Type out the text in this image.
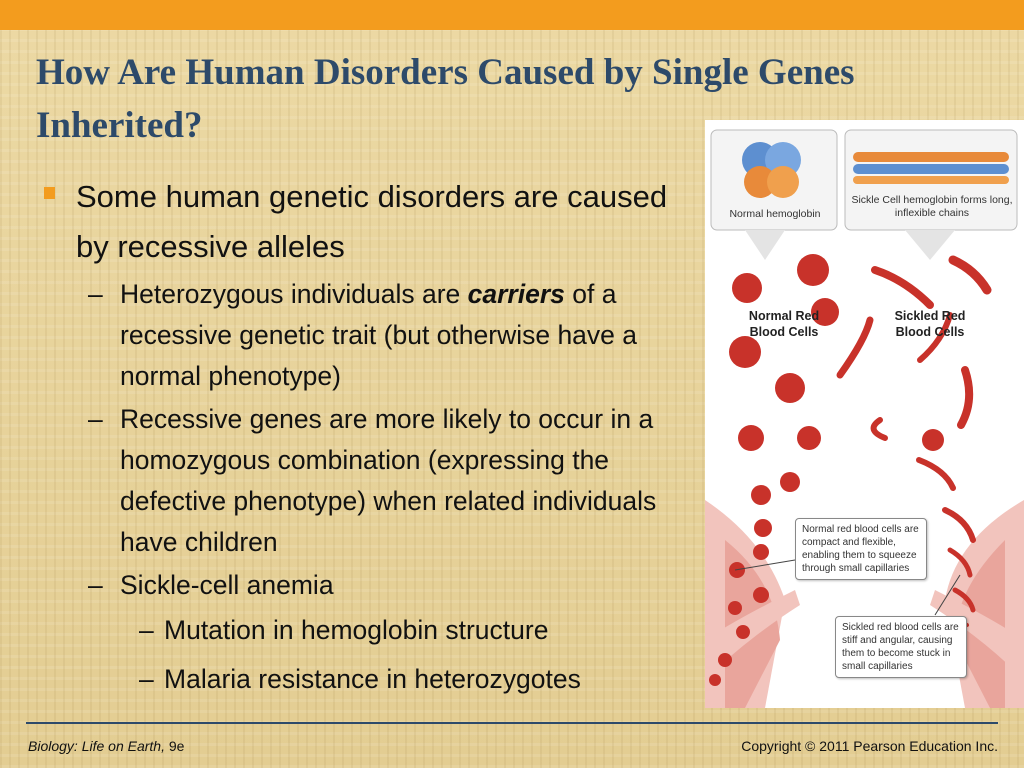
How Are Human Disorders Caused by Single Genes Inherited?
Some human genetic disorders are caused by recessive alleles
– Heterozygous individuals are carriers of a recessive genetic trait (but otherwise have a normal phenotype)
– Recessive genes are more likely to occur in a homozygous combination (expressing the defective phenotype) when related individuals have children
– Sickle-cell anemia
– Mutation in hemoglobin structure
– Malaria resistance in heterozygotes
Normal hemoglobin
Sickle Cell hemoglobin forms long, inflexible chains
Normal Red Blood Cells
Sickled Red Blood Cells
Normal red blood cells are compact and flexible, enabling them to squeeze through small capillaries
Sickled red blood cells are stiff and angular, causing them to become stuck in small capillaries
Biology: Life on Earth, 9e	Copyright © 2011 Pearson Education Inc.
